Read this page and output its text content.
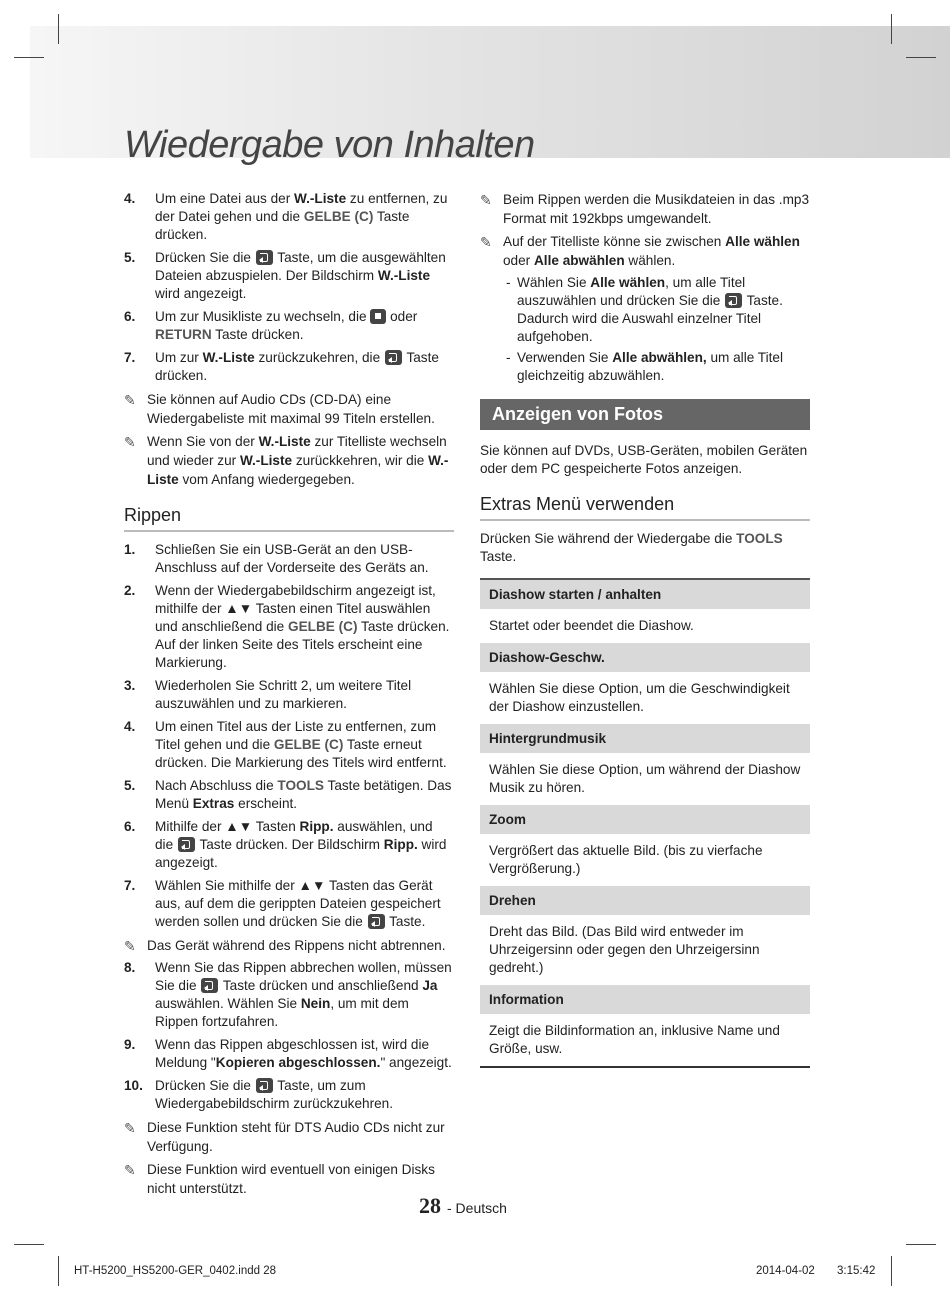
Wiedergabe von Inhalten
4. Um eine Datei aus der W.-Liste zu entfernen, zu der Datei gehen und die GELBE (C) Taste drücken.
5. Drücken Sie die  Taste, um die ausgewählten Dateien abzuspielen. Der Bildschirm W.-Liste wird angezeigt.
6. Um zur Musikliste zu wechseln, die  oder RETURN Taste drücken.
7. Um zur W.-Liste zurückzukehren, die  Taste drücken.
✎ Sie können auf Audio CDs (CD-DA) eine Wiedergabeliste mit maximal 99 Titeln erstellen.
✎ Wenn Sie von der W.-Liste zur Titelliste wechseln und wieder zur W.-Liste zurückkehren, wir die W.-Liste vom Anfang wiedergegeben.
Rippen
1. Schließen Sie ein USB-Gerät an den USB-Anschluss auf der Vorderseite des Geräts an.
2. Wenn der Wiedergabebildschirm angezeigt ist, mithilfe der ▲▼ Tasten einen Titel auswählen und anschließend die GELBE (C) Taste drücken. Auf der linken Seite des Titels erscheint eine Markierung.
3. Wiederholen Sie Schritt 2, um weitere Titel auszuwählen und zu markieren.
4. Um einen Titel aus der Liste zu entfernen, zum Titel gehen und die GELBE (C) Taste erneut drücken. Die Markierung des Titels wird entfernt.
5. Nach Abschluss die TOOLS Taste betätigen. Das Menü Extras erscheint.
6. Mithilfe der ▲▼ Tasten Ripp. auswählen, und die  Taste drücken. Der Bildschirm Ripp. wird angezeigt.
7. Wählen Sie mithilfe der ▲▼ Tasten das Gerät aus, auf dem die gerippten Dateien gespeichert werden sollen und drücken Sie die  Taste.
✎ Das Gerät während des Rippens nicht abtrennen.
8. Wenn Sie das Rippen abbrechen wollen, müssen Sie die  Taste drücken und anschließend Ja auswählen. Wählen Sie Nein, um mit dem Rippen fortzufahren.
9. Wenn das Rippen abgeschlossen ist, wird die Meldung "Kopieren abgeschlossen." angezeigt.
10. Drücken Sie die  Taste, um zum Wiedergabebildschirm zurückzukehren.
✎ Diese Funktion steht für DTS Audio CDs nicht zur Verfügung.
✎ Diese Funktion wird eventuell von einigen Disks nicht unterstützt.
✎ Beim Rippen werden die Musikdateien in das .mp3 Format mit 192kbps umgewandelt.
✎ Auf der Titelliste könne sie zwischen Alle wählen oder Alle abwählen wählen.
- Wählen Sie Alle wählen, um alle Titel auszuwählen und drücken Sie die  Taste. Dadurch wird die Auswahl einzelner Titel aufgehoben.
- Verwenden Sie Alle abwählen, um alle Titel gleichzeitig abzuwählen.
Anzeigen von Fotos

Sie können auf DVDs, USB-Geräten, mobilen Geräten oder dem PC gespeicherte Fotos anzeigen.

Extras Menü verwenden

Drücken Sie während der Wiedergabe die TOOLS Taste.

Diashow starten / anhalten
Startet oder beendet die Diashow.
Diashow-Geschw.
Wählen Sie diese Option, um die Geschwindigkeit der Diashow einzustellen.
Hintergrundmusik
Wählen Sie diese Option, um während der Diashow Musik zu hören.
Zoom
Vergrößert das aktuelle Bild. (bis zu vierfache Vergrößerung.)
Drehen
Dreht das Bild. (Das Bild wird entweder im Uhrzeigersinn oder gegen den Uhrzeigersinn gedreht.)
Information
Zeigt die Bildinformation an, inklusive Name und Größe, usw.
28 - Deutsch
HT-H5200_HS5200-GER_0402.indd 28	2014-04-02 3:15:42
